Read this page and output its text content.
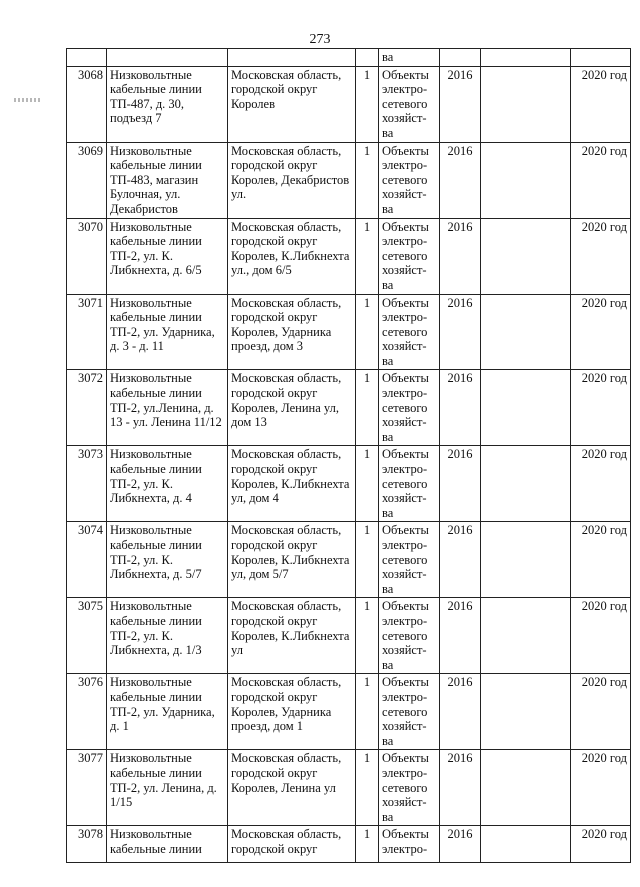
273
				ва			
3068	Низковольтные кабельные линии ТП-487, д. 30, подъезд 7	Московская область, городской округ Королев	1	Объекты электро-сетевого хозяйст-ва	2016		2020 год
3069	Низковольтные кабельные линии ТП-483, магазин Булочная, ул. Декабристов	Московская область, городской округ Королев, Декабристов ул.	1	Объекты электро-сетевого хозяйст-ва	2016		2020 год
3070	Низковольтные кабельные линии ТП-2, ул. К. Либкнехта, д. 6/5	Московская область, городской округ Королев, К.Либкнехта ул., дом 6/5	1	Объекты электро-сетевого хозяйст-ва	2016		2020 год
3071	Низковольтные кабельные линии ТП-2, ул. Ударника, д. 3 - д. 11	Московская область, городской округ Королев, Ударника проезд, дом 3	1	Объекты электро-сетевого хозяйст-ва	2016		2020 год
3072	Низковольтные кабельные линии ТП-2, ул.Ленина, д. 13 - ул. Ленина 11/12	Московская область, городской округ Королев, Ленина ул, дом 13	1	Объекты электро-сетевого хозяйст-ва	2016		2020 год
3073	Низковольтные кабельные линии ТП-2, ул. К. Либкнехта, д. 4	Московская область, городской округ Королев, К.Либкнехта ул, дом 4	1	Объекты электро-сетевого хозяйст-ва	2016		2020 год
3074	Низковольтные кабельные линии ТП-2, ул. К. Либкнехта, д. 5/7	Московская область, городской округ Королев, К.Либкнехта ул, дом 5/7	1	Объекты электро-сетевого хозяйст-ва	2016		2020 год
3075	Низковольтные кабельные линии ТП-2, ул. К. Либкнехта, д. 1/3	Московская область, городской округ Королев, К.Либкнехта ул	1	Объекты электро-сетевого хозяйст-ва	2016		2020 год
3076	Низковольтные кабельные линии ТП-2, ул. Ударника, д. 1	Московская область, городской округ Королев, Ударника проезд, дом 1	1	Объекты электро-сетевого хозяйст-ва	2016		2020 год
3077	Низковольтные кабельные линии ТП-2, ул. Ленина, д. 1/15	Московская область, городской округ Королев, Ленина ул	1	Объекты электро-сетевого хозяйст-ва	2016		2020 год
3078	Низковольтные кабельные линии	Московская область, городской округ	1	Объекты электро-	2016		2020 год
